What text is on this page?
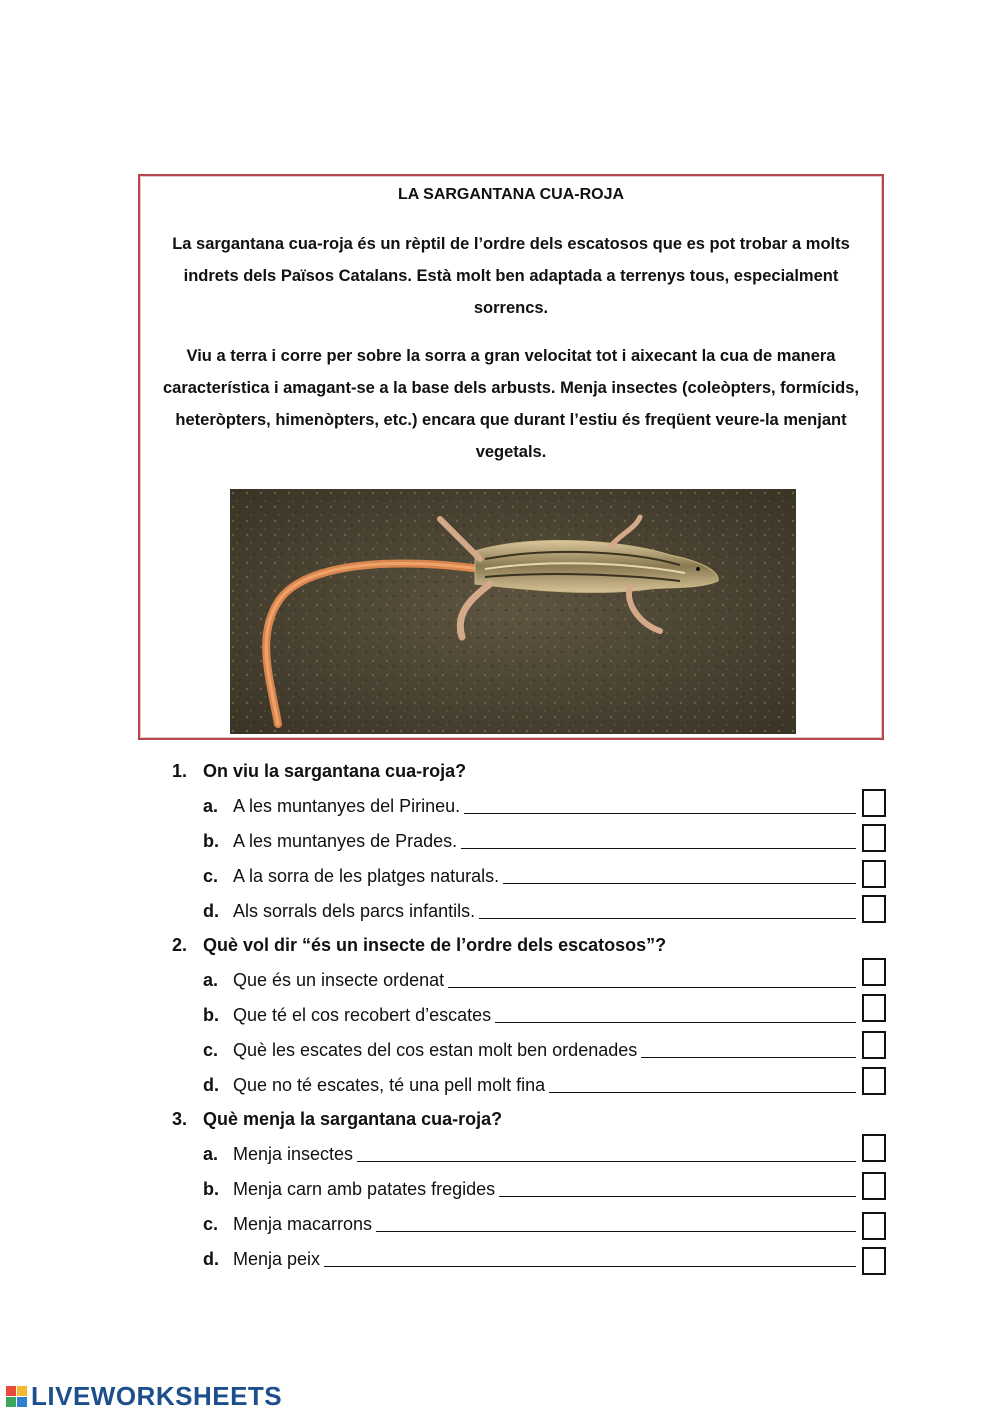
LA SARGANTANA CUA-ROJA
La sargantana cua-roja és un rèptil de l’ordre dels escatosos que es pot trobar a molts indrets dels Països Catalans. Està molt ben adaptada a terrenys tous, especialment sorrencs.
Viu a terra i corre per sobre la sorra a gran velocitat tot i aixecant la cua de manera característica i amagant-se a la base dels arbusts. Menja insectes (coleòpters, formícids, heteròpters, himenòpters, etc.) encara que durant l’estiu és freqüent veure-la menjant vegetals.
1. On viu la sargantana cua-roja?
a. A les muntanyes del Pirineu.
b. A les muntanyes de Prades.
c. A la sorra de les platges naturals.
d. Als sorrals dels parcs infantils.
2. Què vol dir “és un insecte de l’ordre dels escatosos”?
a. Que és un insecte ordenat
b. Que té el cos recobert d’escates
c. Què les escates del cos estan molt ben ordenades
d. Que no té escates, té una pell molt fina
3. Què menja la sargantana cua-roja?
a. Menja insectes
b. Menja carn amb patates fregides
c. Menja macarrons
d. Menja peix
LIVEWORKSHEETS
